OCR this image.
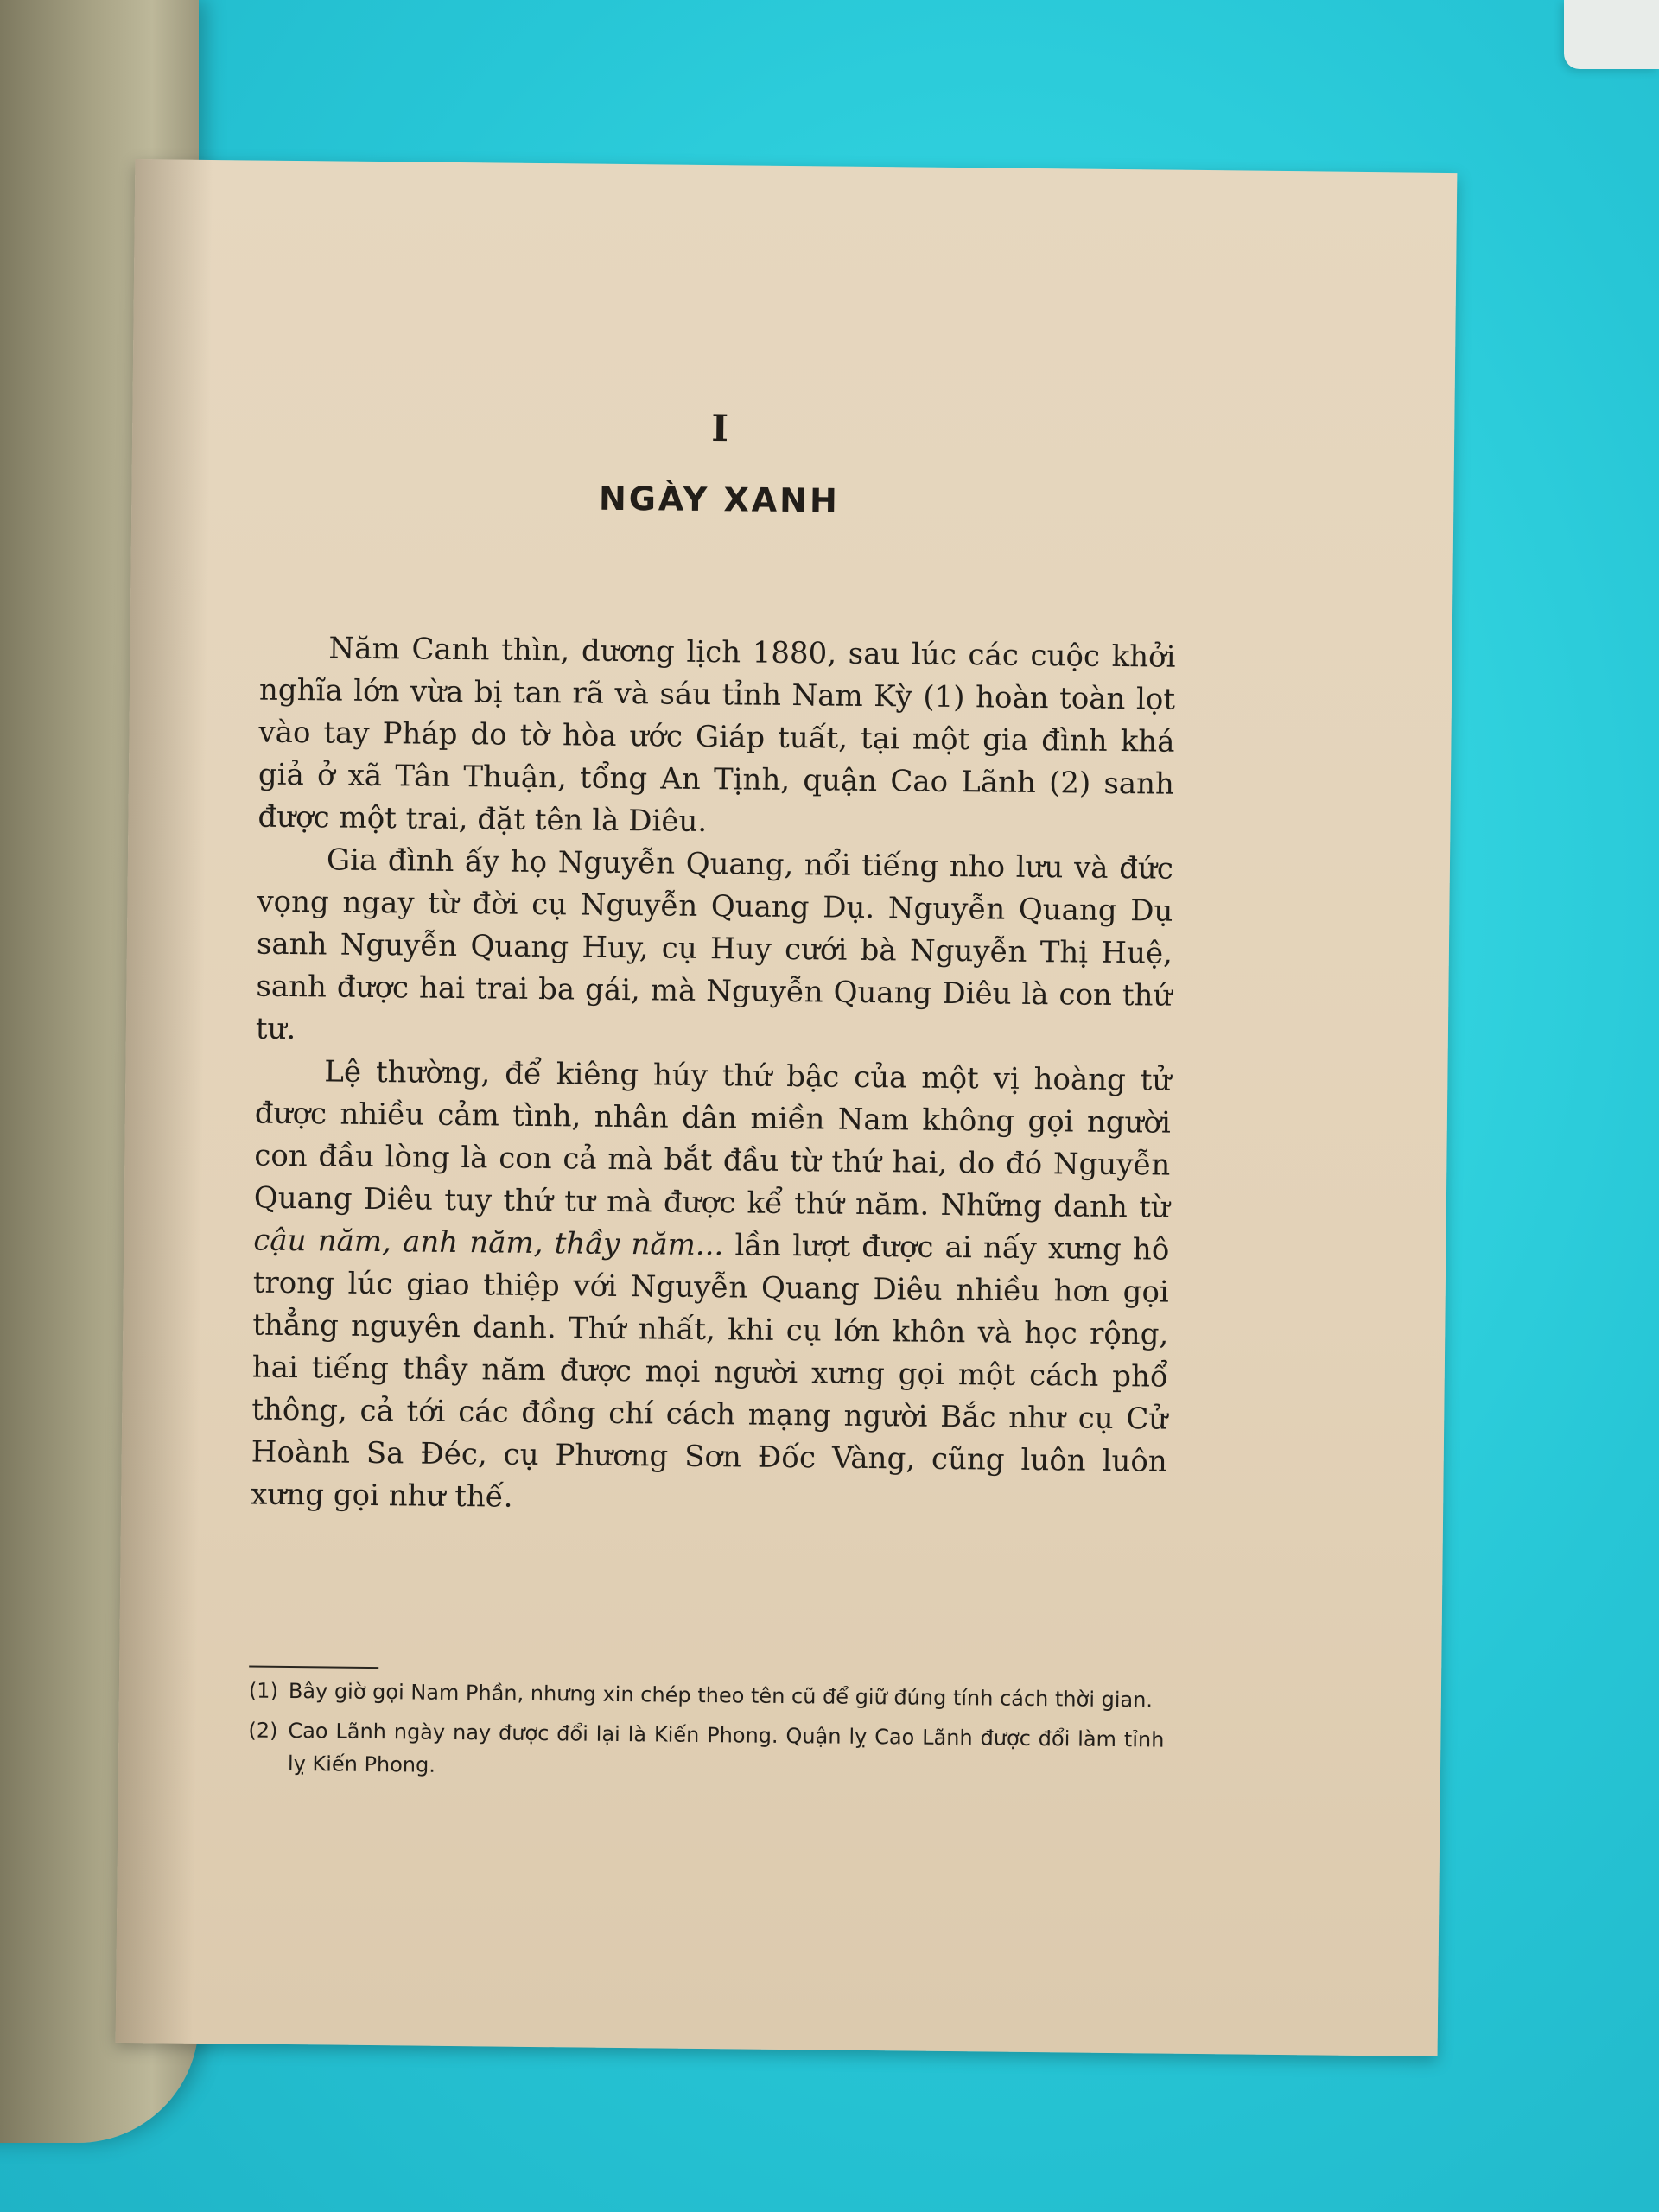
I
NGÀY XANH

Năm Canh thìn, dương lịch 1880, sau lúc các cuộc khởi nghĩa lớn vừa bị tan rã và sáu tỉnh Nam Kỳ (1) hoàn toàn lọt vào tay Pháp do tờ hòa ước Giáp tuất, tại một gia đình khá giả ở xã Tân Thuận, tổng An Tịnh, quận Cao Lãnh (2) sanh được một trai, đặt tên là Diêu.

Gia đình ấy họ Nguyễn Quang, nổi tiếng nho lưu và đức vọng ngay từ đời cụ Nguyễn Quang Dụ. Nguyễn Quang Dụ sanh Nguyễn Quang Huy, cụ Huy cưới bà Nguyễn Thị Huệ, sanh được hai trai ba gái, mà Nguyễn Quang Diêu là con thứ tư.

Lệ thường, để kiêng húy thứ bậc của một vị hoàng tử được nhiều cảm tình, nhân dân miền Nam không gọi người con đầu lòng là con cả mà bắt đầu từ thứ hai, do đó Nguyễn Quang Diêu tuy thứ tư mà được kể thứ năm. Những danh từ cậu năm, anh năm, thầy năm... lần lượt được ai nấy xưng hô trong lúc giao thiệp với Nguyễn Quang Diêu nhiều hơn gọi thẳng nguyên danh. Thứ nhất, khi cụ lớn khôn và học rộng, hai tiếng thầy năm được mọi người xưng gọi một cách phổ thông, cả tới các đồng chí cách mạng người Bắc như cụ Cử Hoành Sa Đéc, cụ Phương Sơn Đốc Vàng, cũng luôn luôn xưng gọi như thế.

(1) Bây giờ gọi Nam Phần, nhưng xin chép theo tên cũ để giữ đúng tính cách thời gian.
(2) Cao Lãnh ngày nay được đổi lại là Kiến Phong. Quận lỵ Cao Lãnh được đổi làm tỉnh lỵ Kiến Phong.
